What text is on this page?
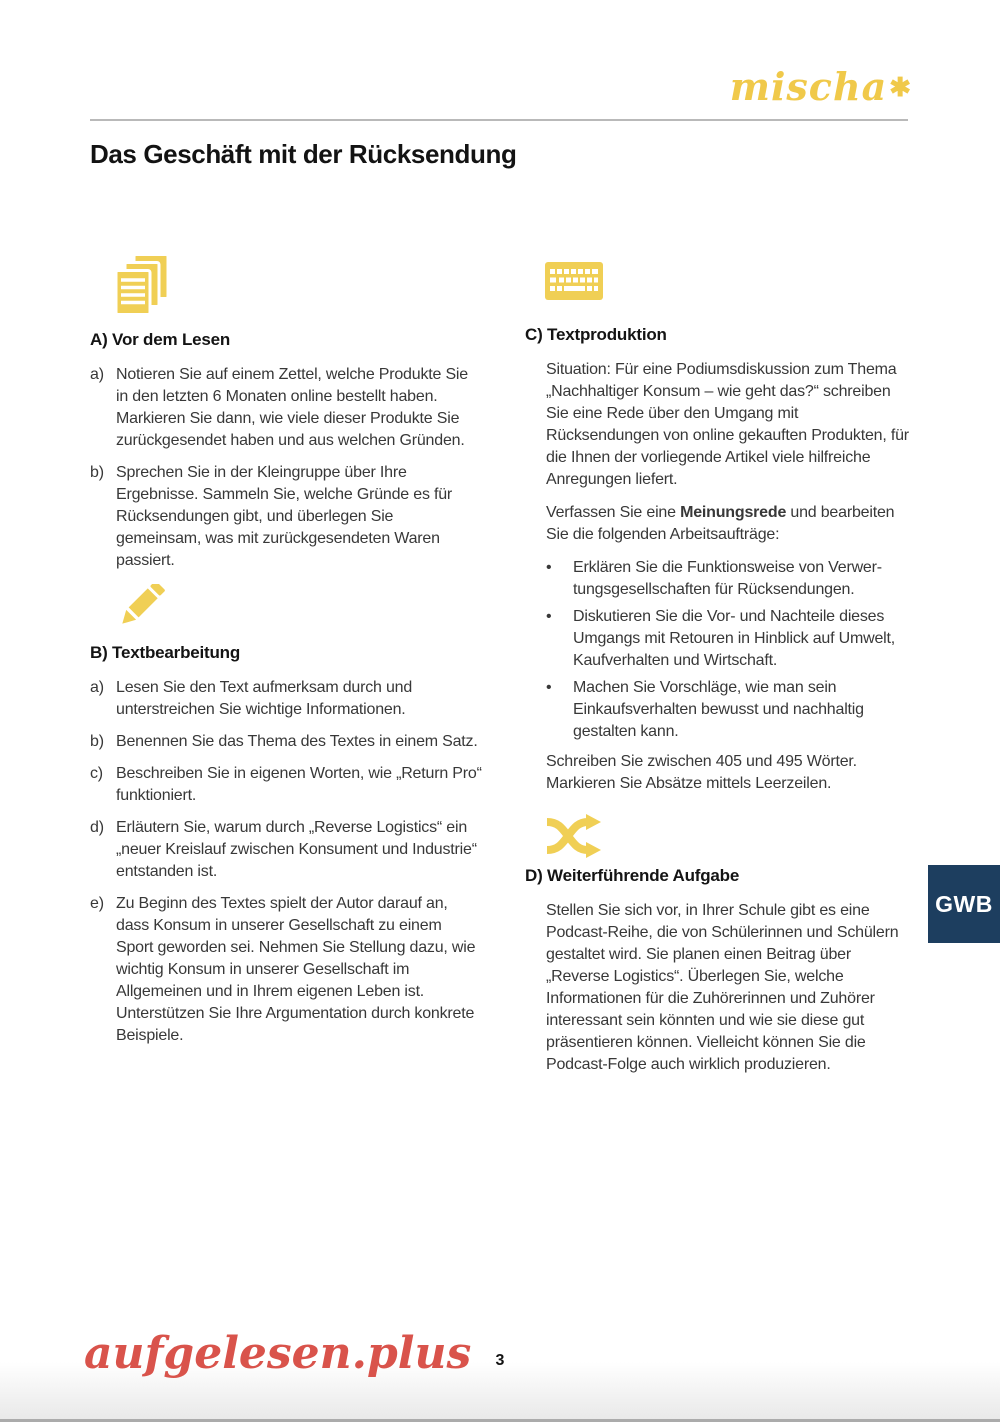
mischa✱
Das Geschäft mit der Rücksendung
A) Vor dem Lesen
a) Notieren Sie auf einem Zettel, welche Produkte Sie in den letzten 6 Monaten online bestellt haben. Markieren Sie dann, wie viele dieser Produkte Sie zurückgesendet haben und aus welchen Gründen.
b) Sprechen Sie in der Kleingruppe über Ihre Ergebnisse. Sammeln Sie, welche Gründe es für Rücksendungen gibt, und überlegen Sie gemeinsam, was mit zurückgesendeten Waren passiert.
B) Textbearbeitung
a) Lesen Sie den Text aufmerksam durch und unterstreichen Sie wichtige Informationen.
b) Benennen Sie das Thema des Textes in einem Satz.
c) Beschreiben Sie in eigenen Worten, wie „Return Pro“ funktioniert.
d) Erläutern Sie, warum durch „Reverse Logistics“ ein „neuer Kreislauf zwischen Konsument und Industrie“ entstanden ist.
e) Zu Beginn des Textes spielt der Autor darauf an, dass Konsum in unserer Gesellschaft zu einem Sport geworden sei. Nehmen Sie Stellung dazu, wie wichtig Konsum in unserer Gesellschaft im Allgemeinen und in Ihrem eigenen Leben ist. Unterstützen Sie Ihre Argumentation durch konkrete Beispiele.
C) Textproduktion

Situation: Für eine Podiumsdiskussion zum Thema „Nachhaltiger Konsum – wie geht das?“ schreiben Sie eine Rede über den Umgang mit Rücksendungen von online gekauften Produkten, für die Ihnen der vorliegende Artikel viele hilfreiche Anregungen liefert.

Verfassen Sie eine Meinungsrede und bearbeiten Sie die folgenden Arbeitsaufträge:

•	Erklären Sie die Funktionsweise von Verwertungsgesellschaften für Rücksendungen.
•	Diskutieren Sie die Vor- und Nachteile dieses Umgangs mit Retouren in Hinblick auf Umwelt, Kaufverhalten und Wirtschaft.
•	Machen Sie Vorschläge, wie man sein Einkaufsverhalten bewusst und nachhaltig gestalten kann.

Schreiben Sie zwischen 405 und 495 Wörter. Markieren Sie Absätze mittels Leerzeilen.

D) Weiterführende Aufgabe

Stellen Sie sich vor, in Ihrer Schule gibt es eine Podcast-Reihe, die von Schülerinnen und Schülern gestaltet wird. Sie planen einen Beitrag über „Reverse Logistics“. Überlegen Sie, welche Informationen für die Zuhörerinnen und Zuhörer interessant sein könnten und wie sie diese gut präsentieren können. Vielleicht können Sie die Podcast-Folge auch wirklich produzieren.

GWB
aufgelesen.plus	3
